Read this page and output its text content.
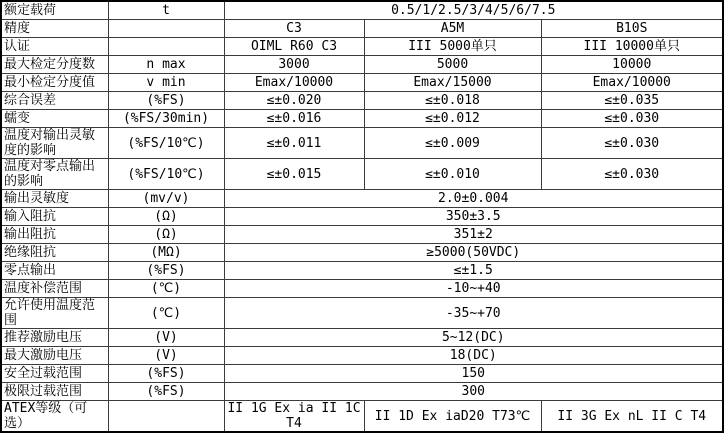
额定载荷	t	0.5/1/2.5/3/4/5/6/7.5		
精度		C3	A5M	B10S
认证		OIML R60 C3	III 5000单只	III 10000单只
最大检定分度数	n max	3000	5000	10000
最小检定分度值	v min	Emax/10000	Emax/15000	Emax/10000
综合误差	(%FS)	≤±0.020	≤±0.018	≤±0.035
蠕变	(%FS/30min)	≤±0.016	≤±0.012	≤±0.030
温度对输出灵敏度的影响	(%FS/10℃)	≤±0.011	≤±0.009	≤±0.030
温度对零点输出的影响	(%FS/10℃)	≤±0.015	≤±0.010	≤±0.030
输出灵敏度	(mv/v)	2.0±0.004		
输入阻抗	(Ω)	350±3.5		
输出阻抗	(Ω)	351±2		
绝缘阻抗	(MΩ)	≥5000(50VDC)		
零点输出	(%FS)	≤±1.5		
温度补偿范围	(℃)	-10~+40		
允许使用温度范围	(℃)	-35~+70		
推荐激励电压	(V)	5~12(DC)		
最大激励电压	(V)	18(DC)		
安全过载范围	(%FS)	150		
极限过载范围	(%FS)	300		
ATEX等级（可选）		II 1G Ex ia II 1C T4	II 1D Ex iaD20 T73℃	II 3G Ex nL II C T4
